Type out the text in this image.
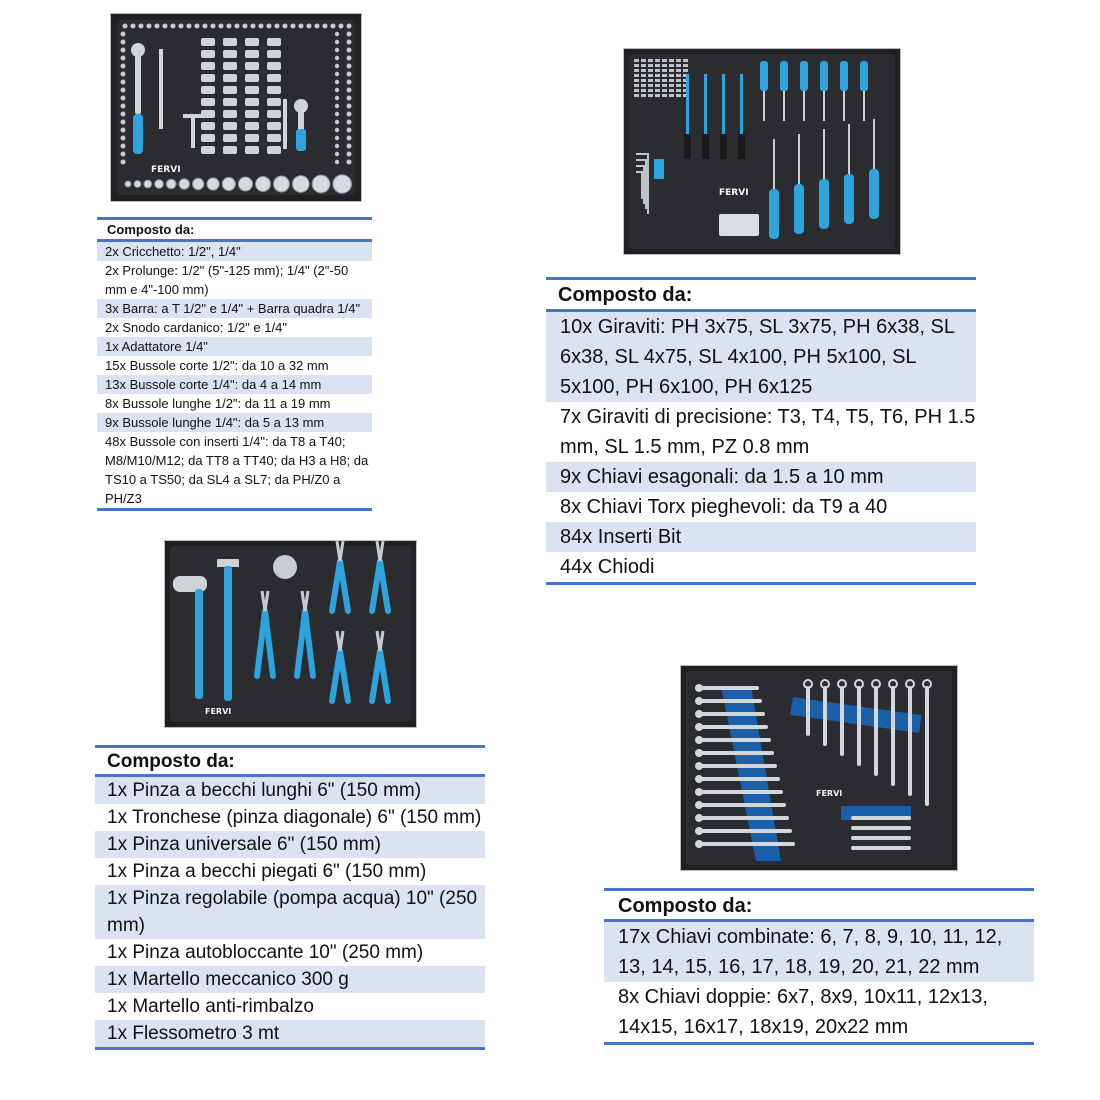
FERVI
Composto da:
2x Cricchetto: 1/2", 1/4"
2x Prolunge: 1/2" (5"-125 mm); 1/4" (2"-50 mm e 4"-100 mm)
3x Barra: a T 1/2" e 1/4" + Barra quadra 1/4"
2x Snodo cardanico: 1/2" e 1/4"
1x Adattatore 1/4"
15x Bussole corte 1/2": da 10 a 32 mm
13x Bussole corte 1/4": da 4 a 14 mm
8x Bussole lunghe 1/2": da 11 a 19 mm
9x Bussole lunghe 1/4": da 5 a 13 mm
48x Bussole con inserti 1/4": da T8 a T40; M8/M10/M12; da TT8 a TT40; da H3 a H8; da TS10 a TS50; da SL4 a SL7; da PH/Z0 a PH/Z3
FERVI
Composto da:
10x Giraviti: PH 3x75, SL 3x75, PH 6x38, SL 6x38, SL 4x75, SL 4x100, PH 5x100, SL 5x100, PH 6x100, PH 6x125
7x Giraviti di precisione: T3, T4, T5, T6, PH 1.5 mm, SL 1.5 mm, PZ 0.8 mm
9x Chiavi esagonali: da 1.5 a 10 mm
8x Chiavi Torx pieghevoli: da T9 a 40
84x Inserti Bit
44x Chiodi
FERVI
Composto da:
1x Pinza a becchi lunghi 6" (150 mm)
1x Tronchese (pinza diagonale) 6" (150 mm)
1x Pinza universale 6" (150 mm)
1x Pinza a becchi piegati 6" (150 mm)
1x Pinza regolabile (pompa acqua) 10" (250 mm)
1x Pinza autobloccante 10" (250 mm)
1x Martello meccanico 300 g
1x Martello anti-rimbalzo
1x Flessometro 3 mt
FERVI
Composto da:
17x Chiavi combinate: 6, 7, 8, 9, 10, 11, 12, 13, 14, 15, 16, 17, 18, 19, 20, 21, 22 mm
8x Chiavi doppie: 6x7, 8x9, 10x11, 12x13, 14x15, 16x17, 18x19, 20x22 mm
